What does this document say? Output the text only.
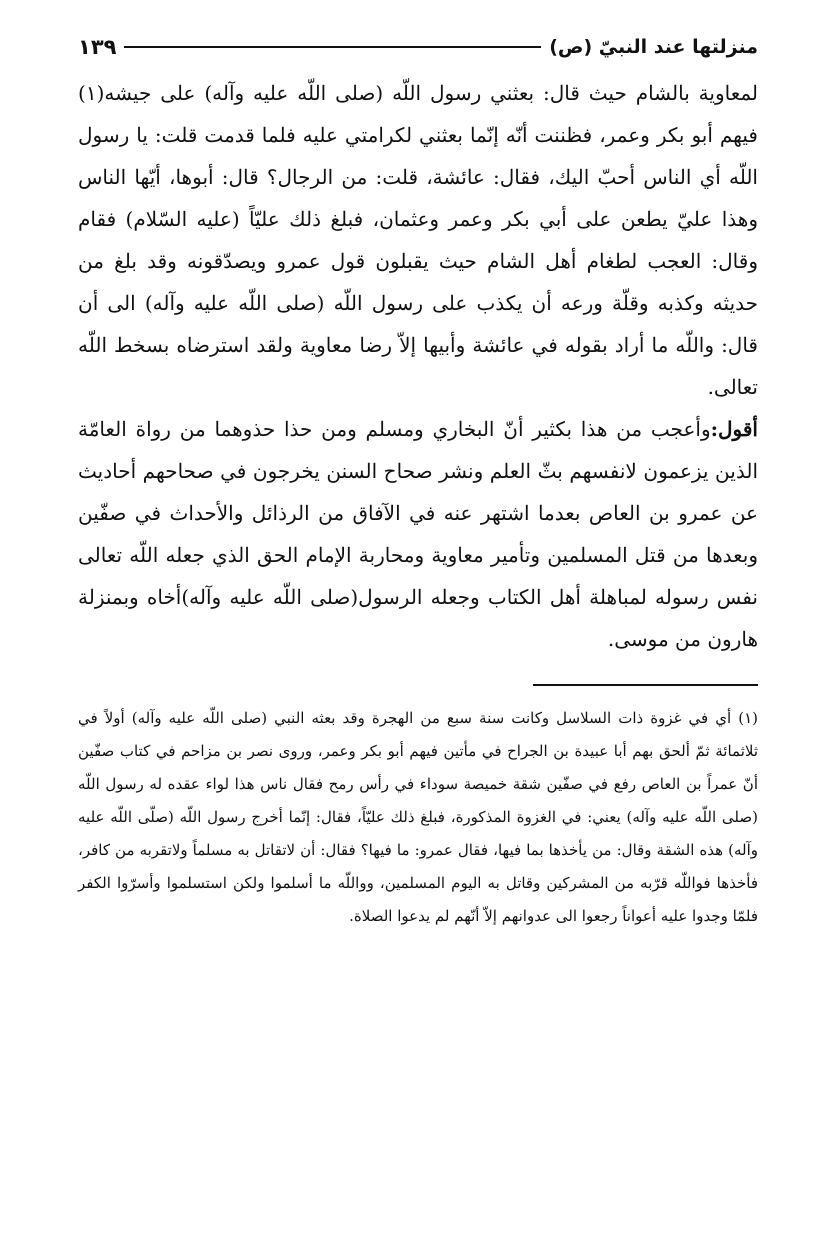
منزلتها عند النبيّ (ص)
١٣٩

لمعاوية بالشام حيث قال: بعثني رسول اللّه (صلى اللّه عليه وآله) على جيشه(١) فيهم أبو بكر وعمر، فظننت أنّه إنّما بعثني لكرامتي عليه فلما قدمت قلت: يا رسول اللّه أي الناس أحبّ اليك، فقال: عائشة، قلت: من الرجال؟ قال: أبوها، أيّها الناس وهذا عليّ يطعن على أبي بكر وعمر وعثمان، فبلغ ذلك عليّاً (عليه السّلام) فقام وقال: العجب لطغام أهل الشام حيث يقبلون قول عمرو ويصدّقونه وقد بلغ من حديثه وكذبه وقلّة ورعه أن يكذب على رسول اللّه (صلى اللّه عليه وآله) الى أن قال: واللّه ما أراد بقوله في عائشة وأبيها إلاّ رضا معاوية ولقد استرضاه بسخط اللّه تعالى.

أقول:وأعجب من هذا بكثير أنّ البخاري ومسلم ومن حذا حذوهما من رواة العامّة الذين يزعمون لانفسهم بثّ العلم ونشر صحاح السنن يخرجون في صحاحهم أحاديث عن عمرو بن العاص بعدما اشتهر عنه في الآفاق من الرذائل والأحداث في صفّين وبعدها من قتل المسلمين وتأمير معاوية ومحاربة الإمام الحق الذي جعله اللّه تعالى نفس رسوله لمباهلة أهل الكتاب وجعله الرسول(صلى اللّه عليه وآله)أخاه وبمنزلة هارون من موسى.

(١) أي في غزوة ذات السلاسل وكانت سنة سبع من الهجرة وقد بعثه النبي (صلى اللّه عليه وآله) أولاً في ثلاثمائة ثمّ ألحق بهم أبا عبيدة بن الجراح في مأتين فيهم أبو بكر وعمر، وروى نصر بن مزاحم في كتاب صفّين أنّ عمراً بن العاص رفع في صفّين شقة خميصة سوداء في رأس رمح فقال ناس هذا لواء عقده له رسول اللّه (صلى اللّه عليه وآله) يعني: في الغزوة المذكورة، فبلغ ذلك عليّاً، فقال: إنّما أخرج رسول اللّه (صلّى اللّه عليه وآله) هذه الشقة وقال: من يأخذها بما فيها، فقال عمرو: ما فيها؟ فقال: أن لاتقاتل به مسلماً ولاتقربه من كافر، فأخذها فواللّه قرّبه من المشركين وقاتل به اليوم المسلمين، وواللّه ما أسلموا ولكن استسلموا وأسرّوا الكفر فلمّا وجدوا عليه أعواناً رجعوا الى عدوانهم إلاّ أنّهم لم يدعوا الصلاة.
